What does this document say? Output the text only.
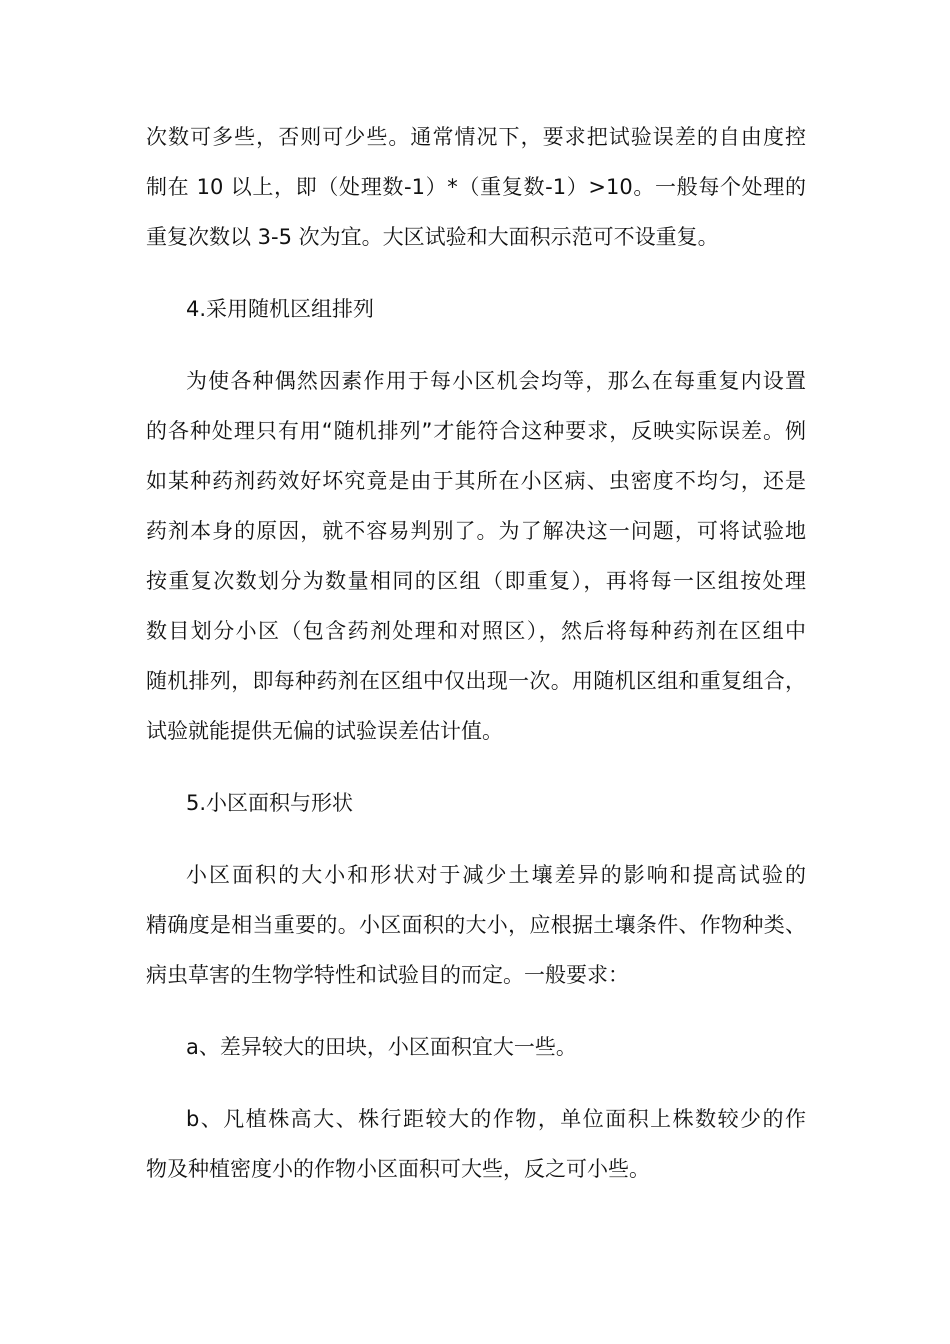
次数可多些，否则可少些。通常情况下，要求把试验误差的自由度控
制在 10 以上，即（处理数-1）*（重复数-1）>10。一般每个处理的
重复次数以 3-5 次为宜。大区试验和大面积示范可不设重复。
4.采用随机区组排列
为使各种偶然因素作用于每小区机会均等，那么在每重复内设置
的各种处理只有用“随机排列”才能符合这种要求，反映实际误差。例
如某种药剂药效好坏究竟是由于其所在小区病、虫密度不均匀，还是
药剂本身的原因，就不容易判别了。为了解决这一问题，可将试验地
按重复次数划分为数量相同的区组（即重复），再将每一区组按处理
数目划分小区（包含药剂处理和对照区），然后将每种药剂在区组中
随机排列，即每种药剂在区组中仅出现一次。用随机区组和重复组合，
试验就能提供无偏的试验误差估计值。
5.小区面积与形状
小区面积的大小和形状对于减少土壤差异的影响和提高试验的
精确度是相当重要的。小区面积的大小，应根据土壤条件、作物种类、
病虫草害的生物学特性和试验目的而定。一般要求：
a、差异较大的田块，小区面积宜大一些。
b、凡植株高大、株行距较大的作物，单位面积上株数较少的作
物及种植密度小的作物小区面积可大些，反之可小些。
